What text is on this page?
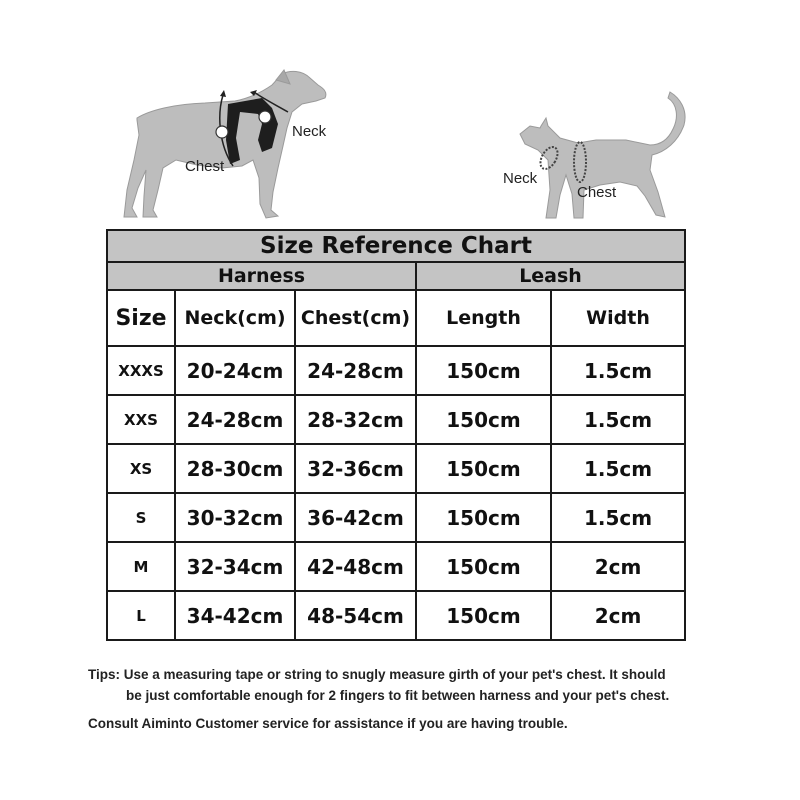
Neck
Chest
Neck
Chest
Size Reference Chart				
Harness			Leash	
Size	Neck(cm)	Chest(cm)	Length	Width
XXXS	20-24cm	24-28cm	150cm	1.5cm
XXS	24-28cm	28-32cm	150cm	1.5cm
XS	28-30cm	32-36cm	150cm	1.5cm
S	30-32cm	36-42cm	150cm	1.5cm
M	32-34cm	42-48cm	150cm	2cm
L	34-42cm	48-54cm	150cm	2cm
Tips: Use a measuring tape or string to snugly measure girth of your pet's chest. It should
be just comfortable enough for 2 fingers to fit between harness and your pet's chest.
Consult Aiminto Customer service for assistance if you are having trouble.
